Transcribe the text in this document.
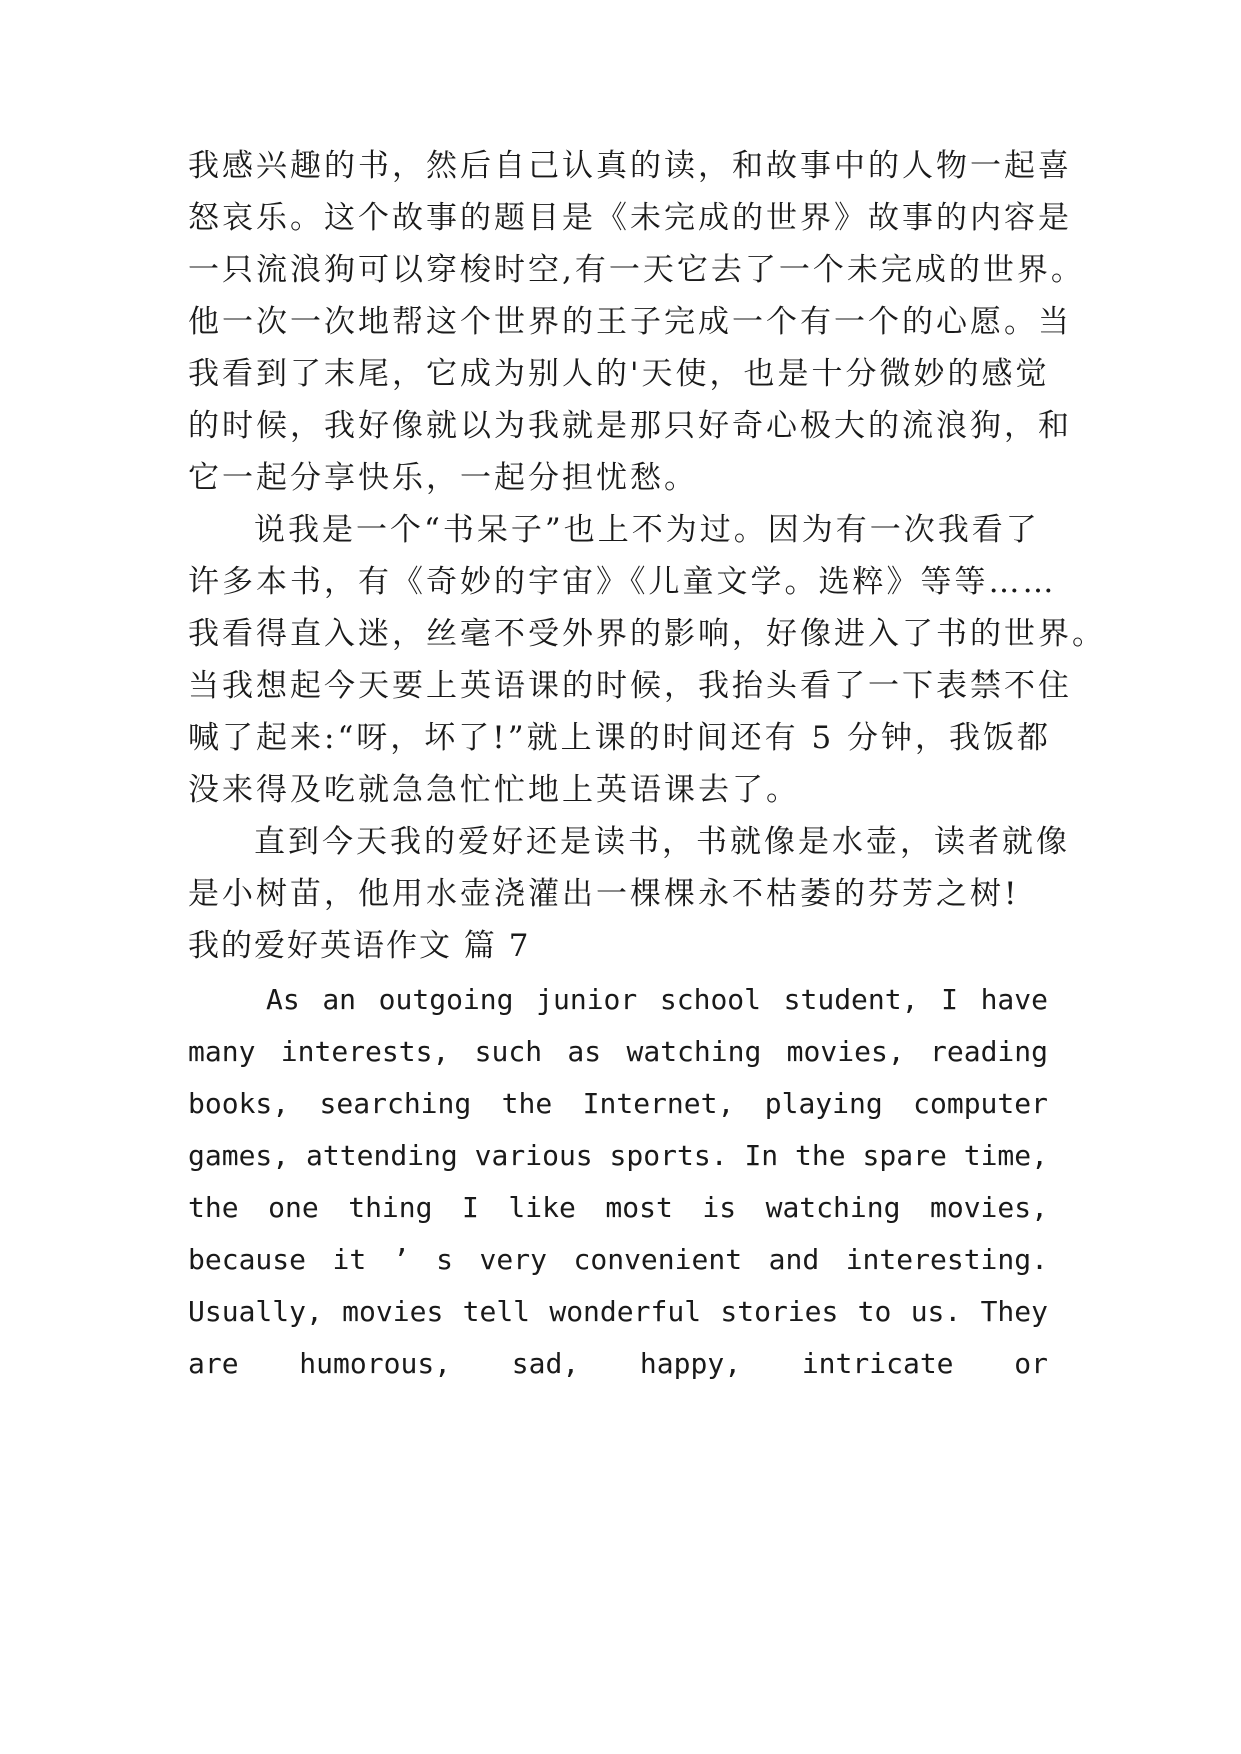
我感兴趣的书，然后自己认真的读，和故事中的人物一起喜
怒哀乐。这个故事的题目是《未完成的世界》故事的内容是
一只流浪狗可以穿梭时空,有一天它去了一个未完成的世界。
他一次一次地帮这个世界的王子完成一个有一个的心愿。当
我看到了末尾，它成为别人的'天使，也是十分微妙的感觉
的时候，我好像就以为我就是那只好奇心极大的流浪狗，和
它一起分享快乐，一起分担忧愁。
说我是一个“书呆子”也上不为过。因为有一次我看了
许多本书，有《奇妙的宇宙》《儿童文学。选粹》等等……
我看得直入迷，丝毫不受外界的影响，好像进入了书的世界。
当我想起今天要上英语课的时候，我抬头看了一下表禁不住
喊了起来:“呀，坏了!”就上课的时间还有 5 分钟，我饭都
没来得及吃就急急忙忙地上英语课去了。
直到今天我的爱好还是读书，书就像是水壶，读者就像
是小树苗，他用水壶浇灌出一棵棵永不枯萎的芬芳之树!
我的爱好英语作文 篇 7
As an outgoing junior school student, I have
many interests, such as watching movies, reading
books, searching the Internet, playing computer
games, attending various sports. In the spare time,
the one thing I like most is watching movies,
because it ’ s very convenient and interesting.
Usually, movies tell wonderful stories to us. They
are humorous, sad, happy, intricate or
